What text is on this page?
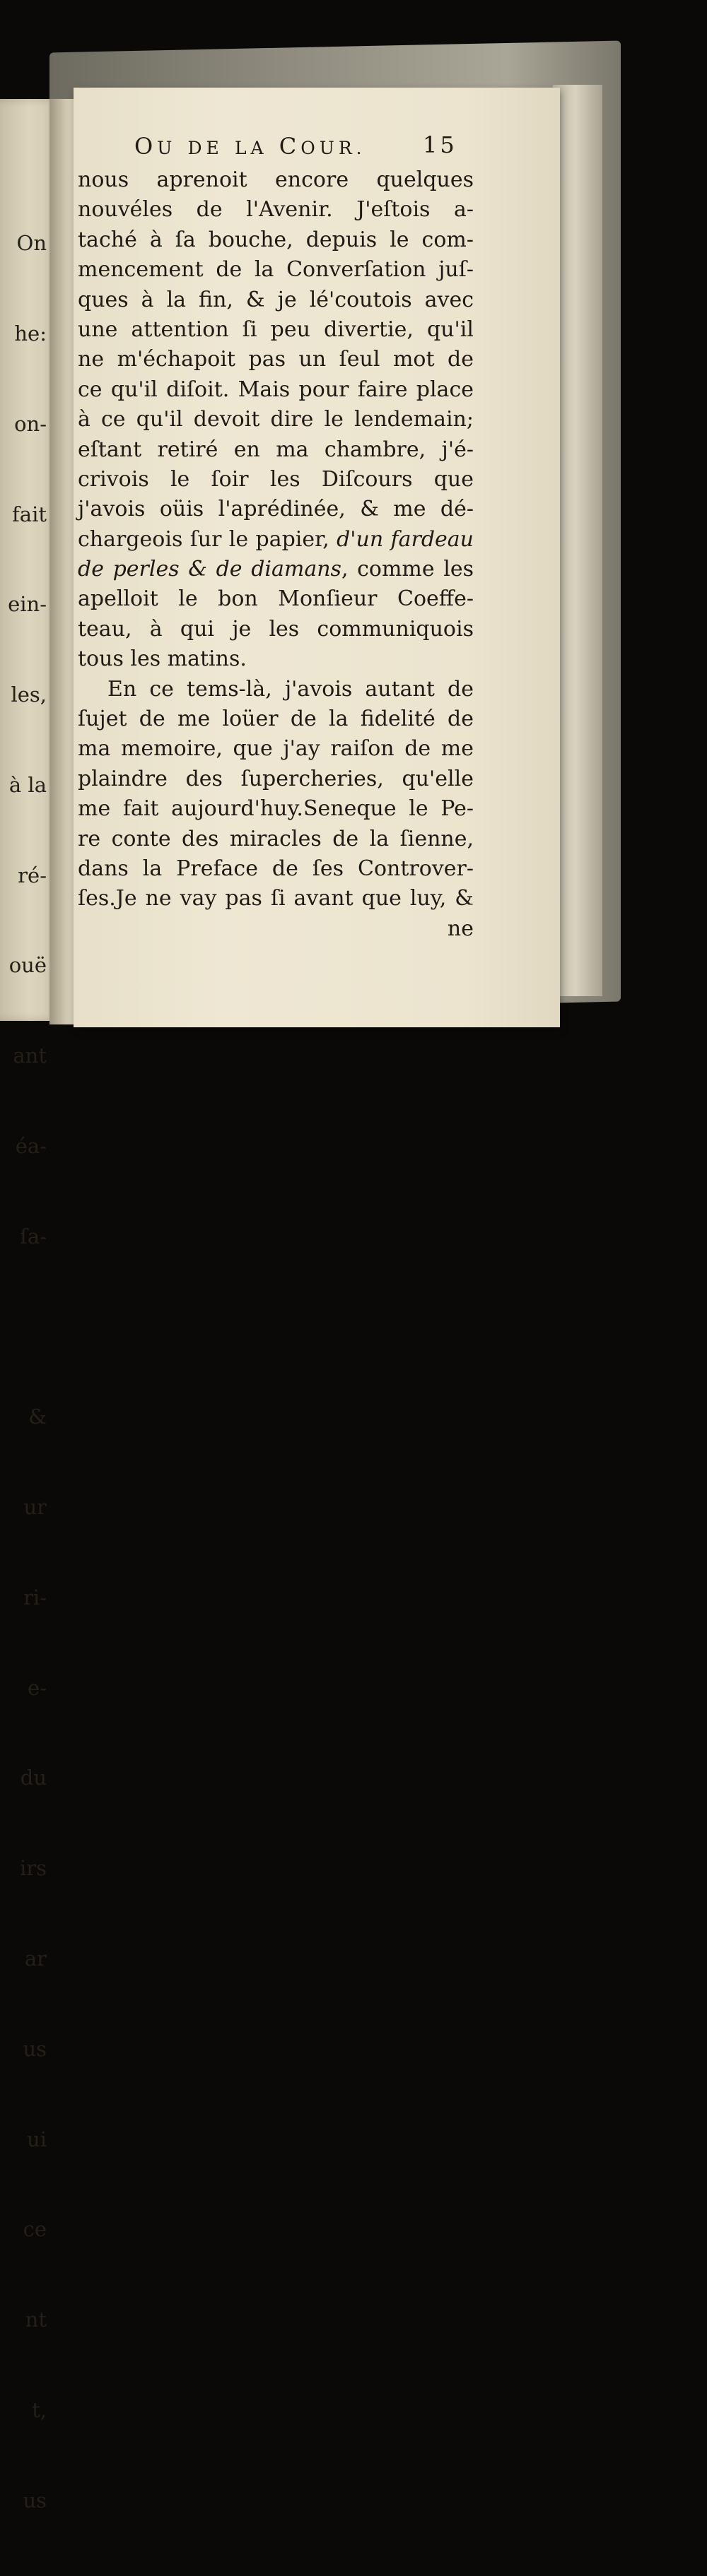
On

he:

on-

fait

ein-

les,

à la

ré-

ouë

ant

éa-

ſa-

&

ur

ri-

e-

du

irs

ar

us

ui

ce

nt

t,

us

OU DE LA COUR.	15
nous aprenoit encore quelques
nouvéles de l'Avenir. J'eſtois a-
taché à ſa bouche, depuis le com-
mencement de la Converſation juſ-
ques à la fin, & je lé'coutois avec
une attention ſi peu divertie, qu'il
ne m'échapoit pas un ſeul mot de
ce qu'il diſoit. Mais pour faire place
à ce qu'il devoit dire le lendemain;
eſtant retiré en ma chambre, j'é-
crivois le ſoir les Diſcours que
j'avois oüis l'aprédinée, & me dé-
chargeois ſur le papier, d'un fardeau
de perles & de diamans, comme les
apelloit le bon Monſieur Coeffe-
teau, à qui je les communiquois
tous les matins.
En ce tems-là, j'avois autant de
ſujet de me loüer de la fidelité de
ma memoire, que j'ay raiſon de me
plaindre des ſupercheries, qu'elle
me fait aujourd'huy.Seneque le Pe-
re conte des miracles de la ſienne,
dans la Preface de ſes Controver-
ſes.Je ne vay pas ſi avant que luy, &
ne
